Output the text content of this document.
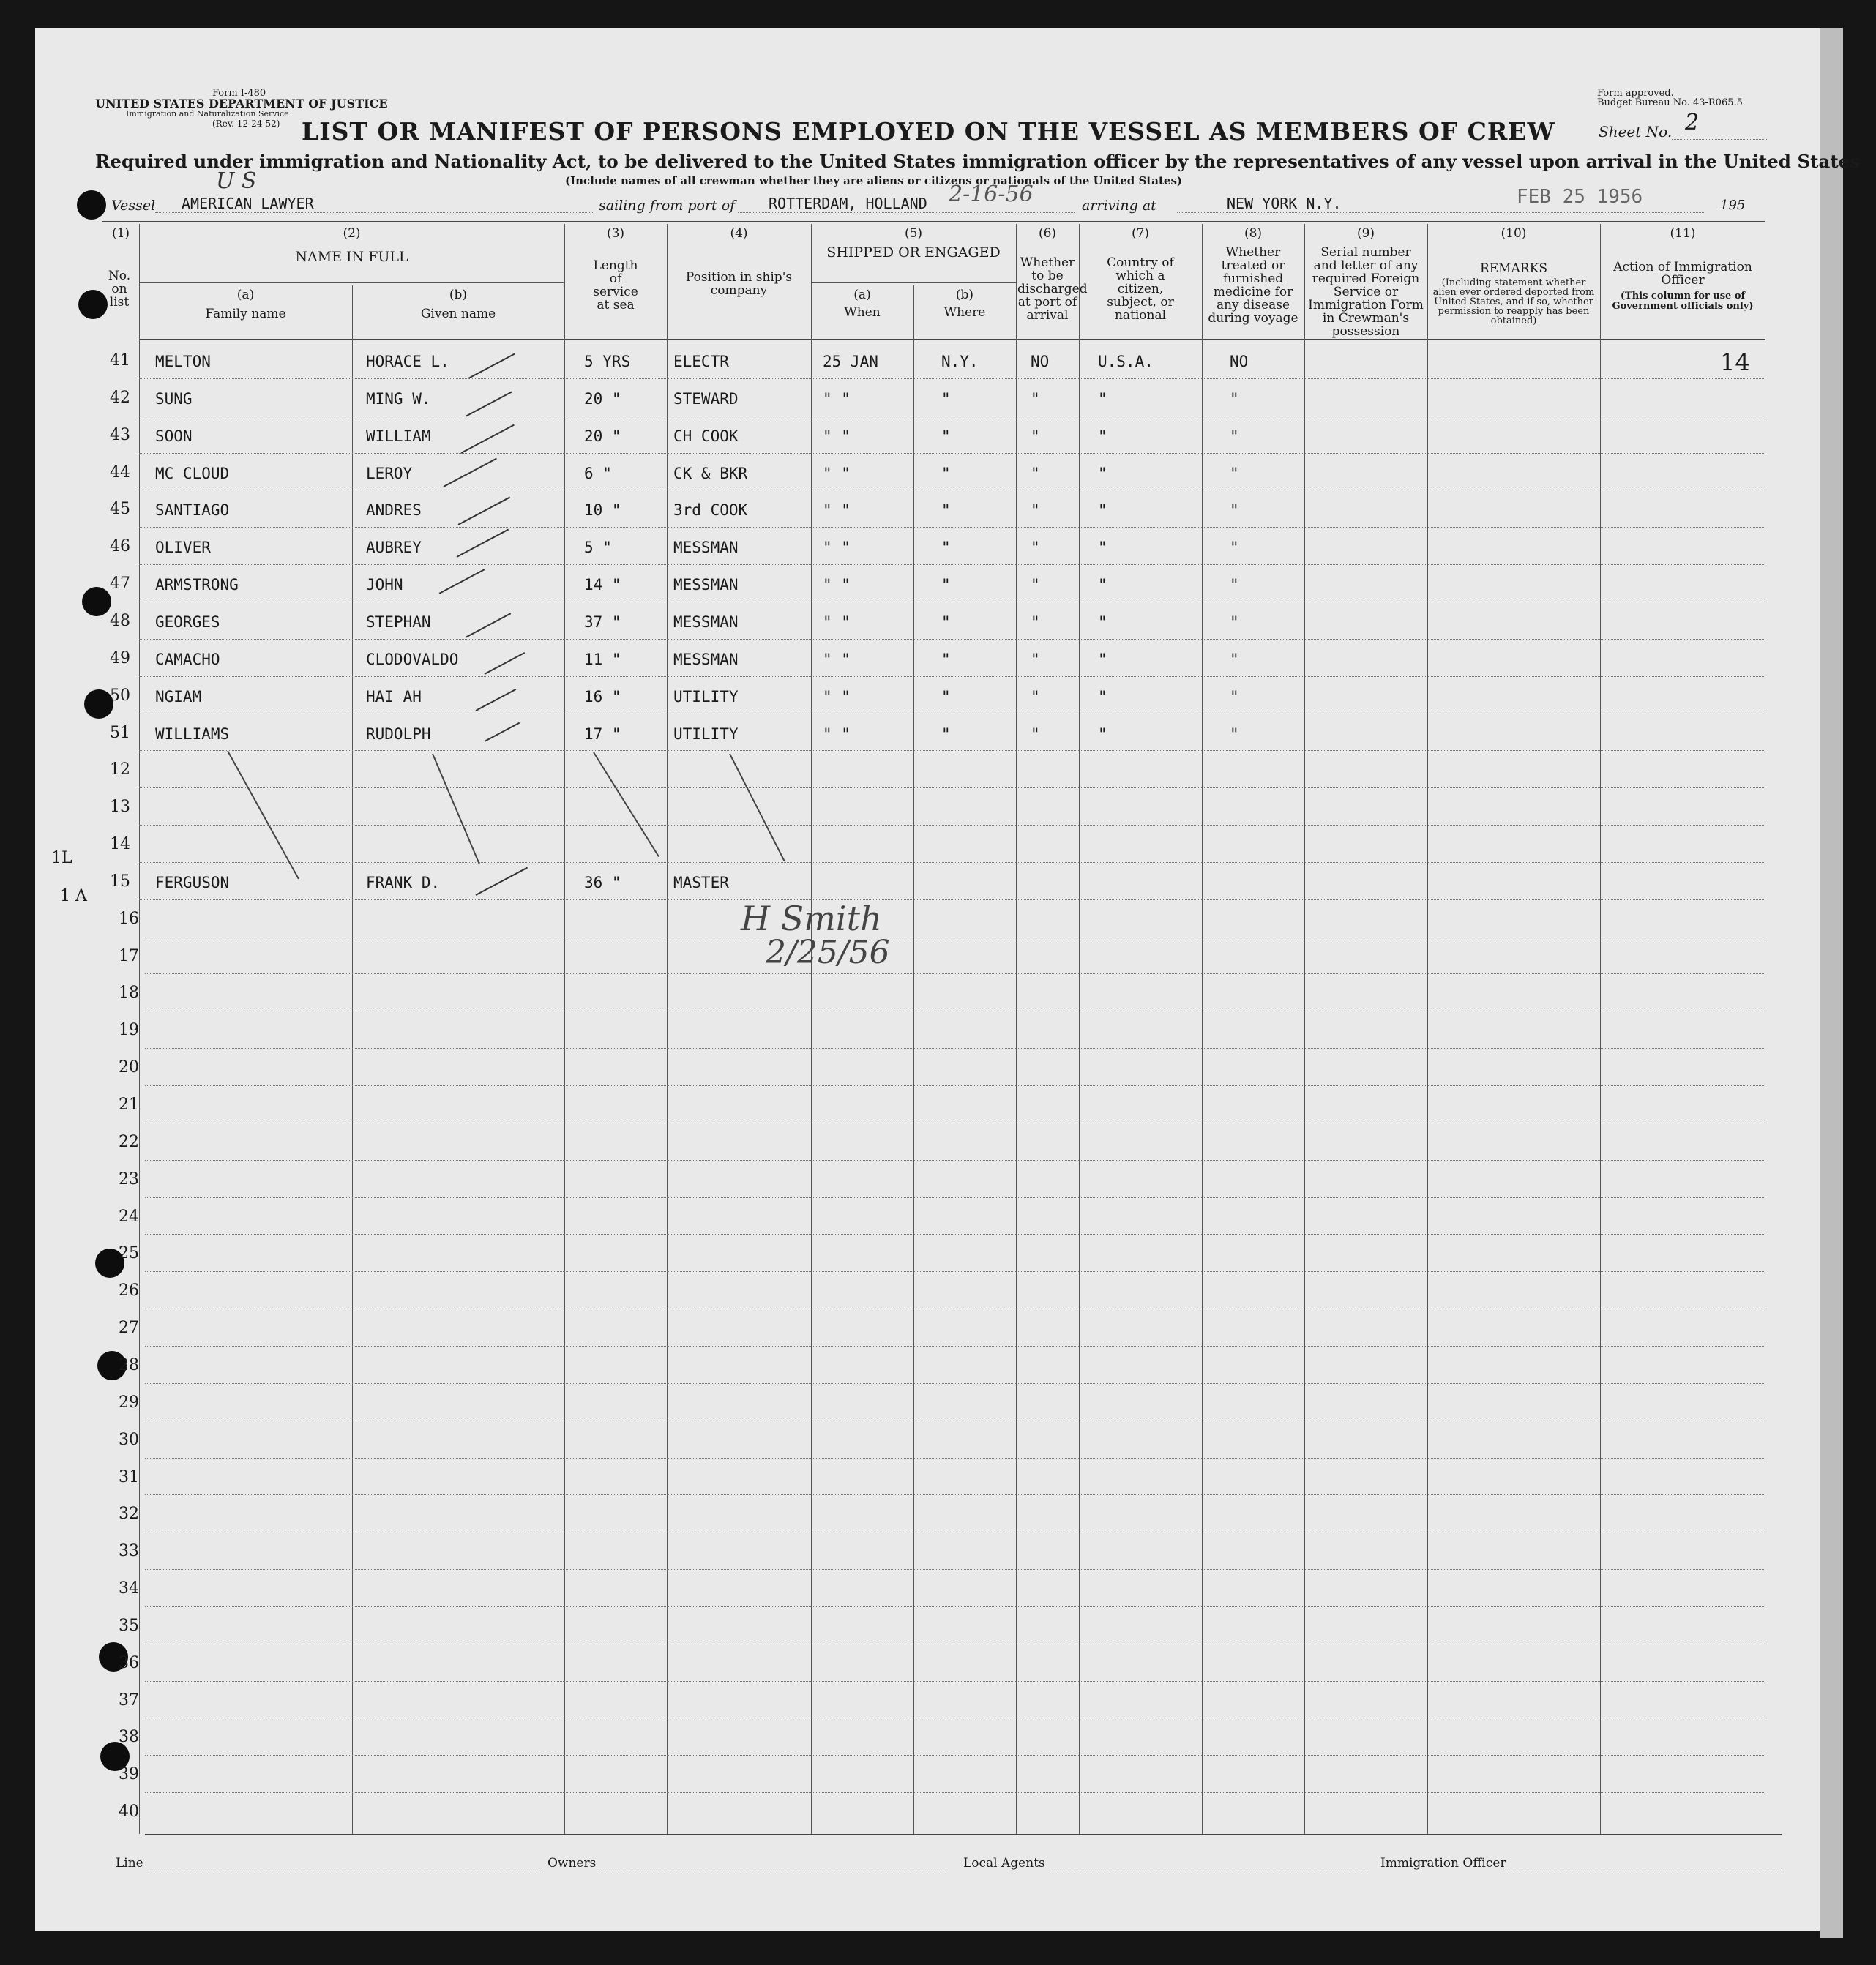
Form I-480
UNITED STATES DEPARTMENT OF JUSTICE
Immigration and Naturalization Service
(Rev. 12-24-52)
Form approved.
Budget Bureau No. 43-R065.5
Sheet No. 2
LIST OR MANIFEST OF PERSONS EMPLOYED ON THE VESSEL AS MEMBERS OF CREW
Required under immigration and Nationality Act, to be delivered to the United States immigration officer by the representatives of any vessel upon arrival in the United States
(Include names of all crewman whether they are aliens or citizens or nationals of the United States)
Vessel
U S
AMERICAN LAWYER	sailing from port of ROTTERDAM, HOLLAND 2-16-56	arriving at	NEW YORK N.Y.	FEB 25 1956	195
(1)
No. on list
(2)
NAME IN FULL
(a)
Family name
(b)
Given name
(3)
Length of service at sea
(4)
Position in ship's company
(5)
SHIPPED OR ENGAGED
(a)
When
(b)
Where
(6)
Whether to be discharged at port of arrival
(7)
Country of which a citizen, subject, or national
(8)
Whether treated or furnished medicine for any disease during voyage
(9)
Serial number and letter of any required Foreign Service or Immigration Form in Crewman's possession
(10)
REMARKS
(Including statement whether alien ever ordered deported from United States, and if so, whether permission to reapply has been obtained)
(11)
Action of Immigration Officer
(This column for use of Government officials only)
41 MELTON	HORACE L.	5 YRS	ELECTR	25 JAN	N.Y.	NO	U.S.A.	NO
42 SUNG	MING W.	20 "	STEWARD	" "	"	"	"	"
43 SOON	WILLIAM	20 "	CH COOK	" "	"	"	"	"
44 MC CLOUD	LEROY	6 "	CK & BKR	" "	"	"	"	"
45 SANTIAGO	ANDRES	10 "	3rd COOK	" "	"	"	"	"
46 OLIVER	AUBREY	5 "	MESSMAN	" "	"	"	"	"
47 ARMSTRONG	JOHN	14 "	MESSMAN	" "	"	"	"	"
48 GEORGES	STEPHAN	37 "	MESSMAN	" "	"	"	"	"
49 CAMACHO	CLODOVALDO	11 "	MESSMAN	" "	"	"	"	"
50 NGIAM	HAI AH	16 "	UTILITY	" "	"	"	"	"
51 WILLIAMS	RUDOLPH	17 "	UTILITY	" "	"	"	"	"
12
13
14
15 FERGUSON	FRANK D.	36 "	MASTER
16
17
18
19
20
21
22
23
24
25
26
27
28
29
30
31
32
33
34
35
36
37
38
39
40
1L
1 A
14
H Smith
2/25/56
Line	Owners	Local Agents	Immigration Officer
